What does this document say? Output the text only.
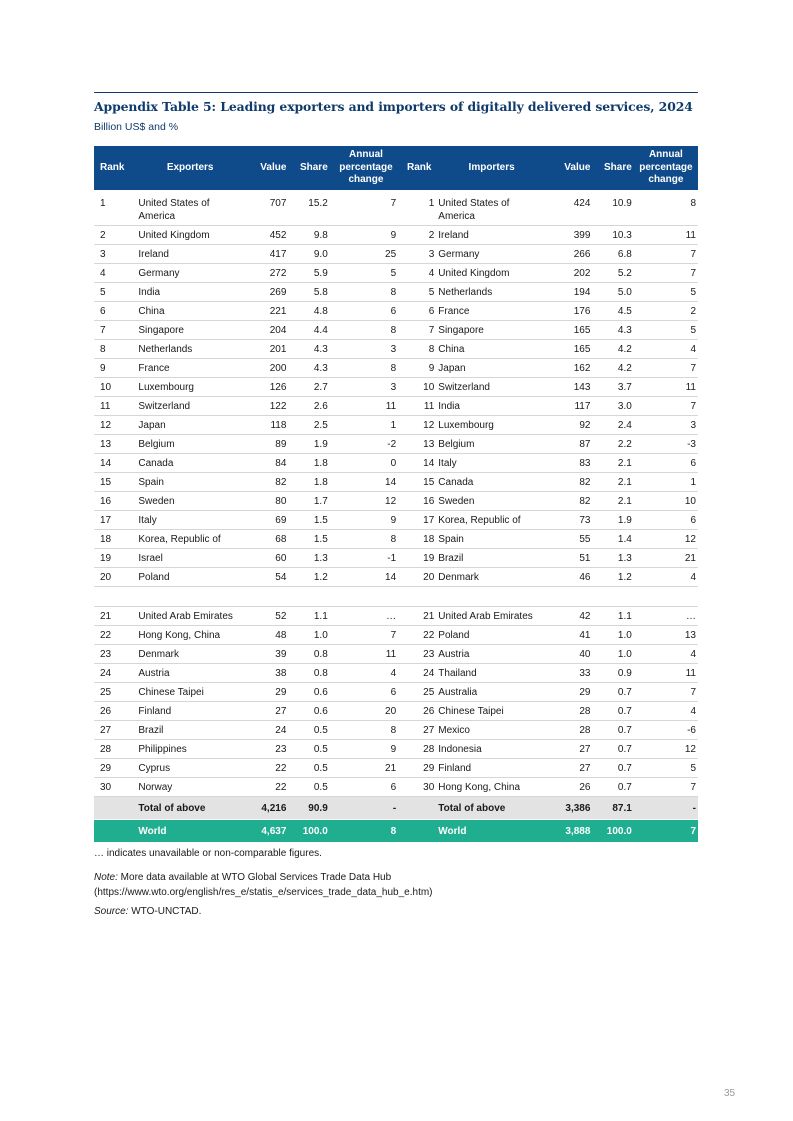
Appendix Table 5: Leading exporters and importers of digitally delivered services, 2024
Billion US$ and %
Rank	Exporters	Value	Share	Annual percentage change	Rank	Importers	Value	Share	Annual percentage change
1	United States of America	707	15.2	7	1	United States of America	424	10.9	8
2	United Kingdom	452	9.8	9	2	Ireland	399	10.3	11
3	Ireland	417	9.0	25	3	Germany	266	6.8	7
4	Germany	272	5.9	5	4	United Kingdom	202	5.2	7
5	India	269	5.8	8	5	Netherlands	194	5.0	5
6	China	221	4.8	6	6	France	176	4.5	2
7	Singapore	204	4.4	8	7	Singapore	165	4.3	5
8	Netherlands	201	4.3	3	8	China	165	4.2	4
9	France	200	4.3	8	9	Japan	162	4.2	7
10	Luxembourg	126	2.7	3	10	Switzerland	143	3.7	11
11	Switzerland	122	2.6	11	11	India	117	3.0	7
12	Japan	118	2.5	1	12	Luxembourg	92	2.4	3
13	Belgium	89	1.9	-2	13	Belgium	87	2.2	-3
14	Canada	84	1.8	0	14	Italy	83	2.1	6
15	Spain	82	1.8	14	15	Canada	82	2.1	1
16	Sweden	80	1.7	12	16	Sweden	82	2.1	10
17	Italy	69	1.5	9	17	Korea, Republic of	73	1.9	6
18	Korea, Republic of	68	1.5	8	18	Spain	55	1.4	12
19	Israel	60	1.3	-1	19	Brazil	51	1.3	21
20	Poland	54	1.2	14	20	Denmark	46	1.2	4

21	United Arab Emirates	52	1.1	…	21	United Arab Emirates	42	1.1	…
22	Hong Kong, China	48	1.0	7	22	Poland	41	1.0	13
23	Denmark	39	0.8	11	23	Austria	40	1.0	4
24	Austria	38	0.8	4	24	Thailand	33	0.9	11
25	Chinese Taipei	29	0.6	6	25	Australia	29	0.7	7
26	Finland	27	0.6	20	26	Chinese Taipei	28	0.7	4
27	Brazil	24	0.5	8	27	Mexico	28	0.7	-6
28	Philippines	23	0.5	9	28	Indonesia	27	0.7	12
29	Cyprus	22	0.5	21	29	Finland	27	0.7	5
30	Norway	22	0.5	6	30	Hong Kong, China	26	0.7	7
	Total of above	4,216	90.9	-		Total of above	3,386	87.1	-

	World	4,637	100.0	8		World	3,888	100.0	7

… indicates unavailable or non-comparable figures.

Note: More data available at WTO Global Services Trade Data Hub

(https://www.wto.org/english/res_e/statis_e/services_trade_data_hub_e.htm)

Source: WTO-UNCTAD.

35
